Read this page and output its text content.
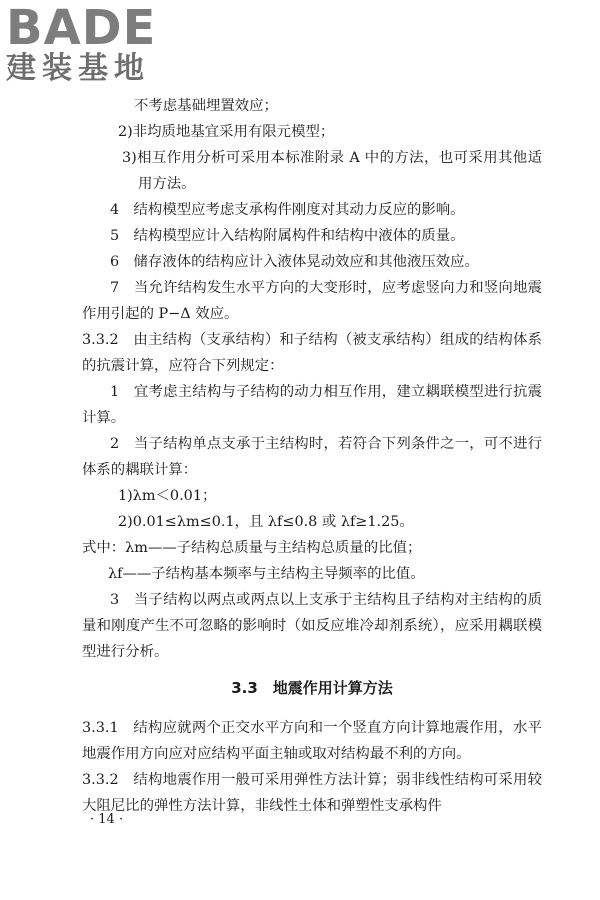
BADE
建装基地

不考虑基础埋置效应；

2)非均质地基宜采用有限元模型；

3)相互作用分析可采用本标准附录 A 中的方法，也可采用其他适用方法。

4　结构模型应考虑支承构件刚度对其动力反应的影响。

5　结构模型应计入结构附属构件和结构中液体的质量。

6　储存液体的结构应计入液体晃动效应和其他液压效应。

7　当允许结构发生水平方向的大变形时，应考虑竖向力和竖向地震作用引起的 P−Δ 效应。

3.3.2　由主结构（支承结构）和子结构（被支承结构）组成的结构体系的抗震计算，应符合下列规定：

1　宜考虑主结构与子结构的动力相互作用，建立耦联模型进行抗震计算。

2　当子结构单点支承于主结构时，若符合下列条件之一，可不进行体系的耦联计算：

1)λm＜0.01；

2)0.01≤λm≤0.1，且 λf≤0.8 或 λf≥1.25。

式中：λm——子结构总质量与主结构总质量的比值；

λf——子结构基本频率与主结构主导频率的比值。

3　当子结构以两点或两点以上支承于主结构且子结构对主结构的质量和刚度产生不可忽略的影响时（如反应堆冷却剂系统），应采用耦联模型进行分析。

3.3　地震作用计算方法

3.3.1　结构应就两个正交水平方向和一个竖直方向计算地震作用，水平地震作用方向应对应结构平面主轴或取对结构最不利的方向。

3.3.2　结构地震作用一般可采用弹性方法计算；弱非线性结构可采用较大阻尼比的弹性方法计算，非线性土体和弹塑性支承构件

· 14 ·
